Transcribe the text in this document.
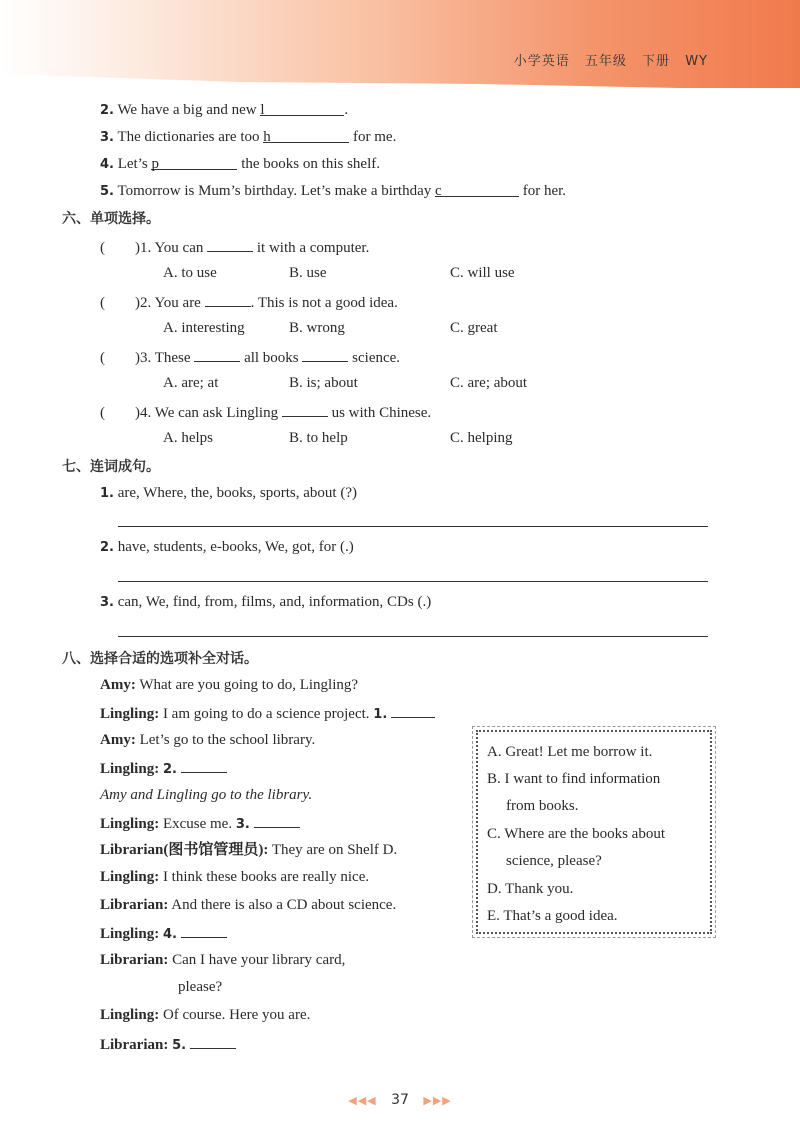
小学英语 五年级 下册 WY
2. We have a big and new l	.
3. The dictionaries are too h	for me.
4. Let’s p	the books on this shelf.
5. Tomorrow is Mum’s birthday. Let’s make a birthday c	for her.
六、单项选择。
( )1. You can	it with a computer.
A. to use	B. use	C. will use
( )2. You are	. This is not a good idea.
A. interesting	B. wrong	C. great
( )3. These	all books	science.
A. are; at	B. is; about	C. are; about
( )4. We can ask Lingling	us with Chinese.
A. helps	B. to help	C. helping
七、连词成句。
1. are, Where, the, books, sports, about (?)
2. have, students, e-books, We, got, for (.)
3. can, We, find, from, films, and, information, CDs (.)
八、选择合适的选项补全对话。
Amy: What are you going to do, Lingling?
Lingling: I am going to do a science project. 1.
Amy: Let’s go to the school library.
Lingling: 2.
Amy and Lingling go to the library.
Lingling: Excuse me. 3.
Librarian(图书馆管理员): They are on Shelf D.
Lingling: I think these books are really nice.
Librarian: And there is also a CD about science.
Lingling: 4.
Librarian: Can I have your library card,
please?
Lingling: Of course. Here you are.
Librarian: 5.
A. Great! Let me borrow it.
B. I want to find information
from books.
C. Where are the books about
science, please?
D. Thank you.
E. That’s a good idea.
◀◀◀ 37 ▶▶▶
